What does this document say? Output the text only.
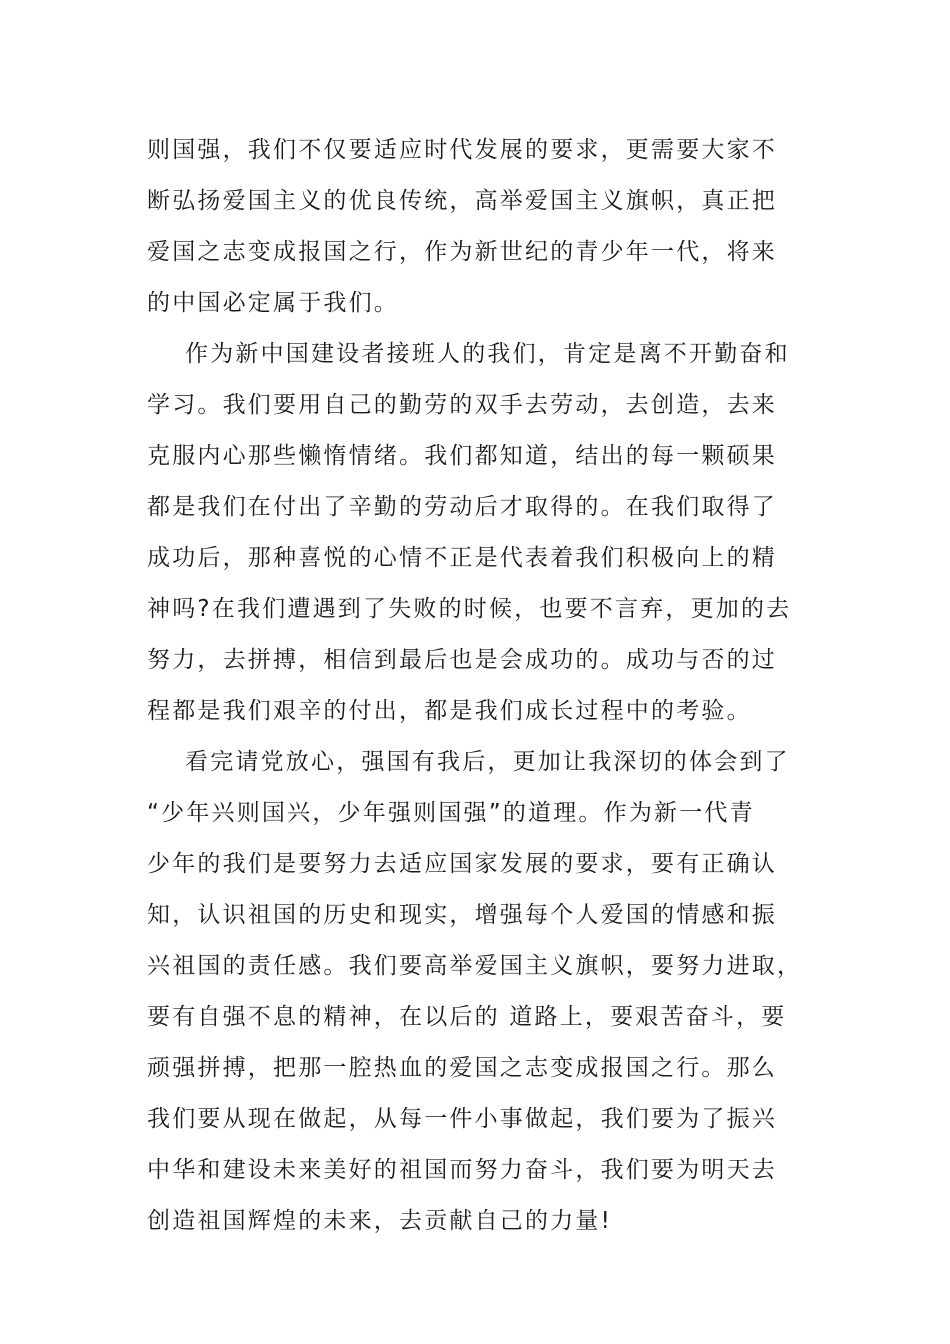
则国强，我们不仅要适应时代发展的要求，更需要大家不
断弘扬爱国主义的优良传统，高举爱国主义旗帜，真正把
爱国之志变成报国之行，作为新世纪的青少年一代，将来
的中国必定属于我们。
作为新中国建设者接班人的我们，肯定是离不开勤奋和
学习。我们要用自己的勤劳的双手去劳动，去创造，去来
克服内心那些懒惰情绪。我们都知道，结出的每一颗硕果
都是我们在付出了辛勤的劳动后才取得的。在我们取得了
成功后，那种喜悦的心情不正是代表着我们积极向上的精
神吗?在我们遭遇到了失败的时候，也要不言弃，更加的去
努力，去拼搏，相信到最后也是会成功的。成功与否的过
程都是我们艰辛的付出，都是我们成长过程中的考验。
看完请党放心，强国有我后，更加让我深切的体会到了
“少年兴则国兴，少年强则国强”的道理。作为新一代青
少年的我们是要努力去适应国家发展的要求，要有正确认
知，认识祖国的历史和现实，增强每个人爱国的情感和振
兴祖国的责任感。我们要高举爱国主义旗帜，要努力进取，
要有自强不息的精神，在以后的 道路上，要艰苦奋斗，要
顽强拼搏，把那一腔热血的爱国之志变成报国之行。那么
我们要从现在做起，从每一件小事做起，我们要为了振兴
中华和建设未来美好的祖国而努力奋斗，我们要为明天去
创造祖国辉煌的未来，去贡献自己的力量!
